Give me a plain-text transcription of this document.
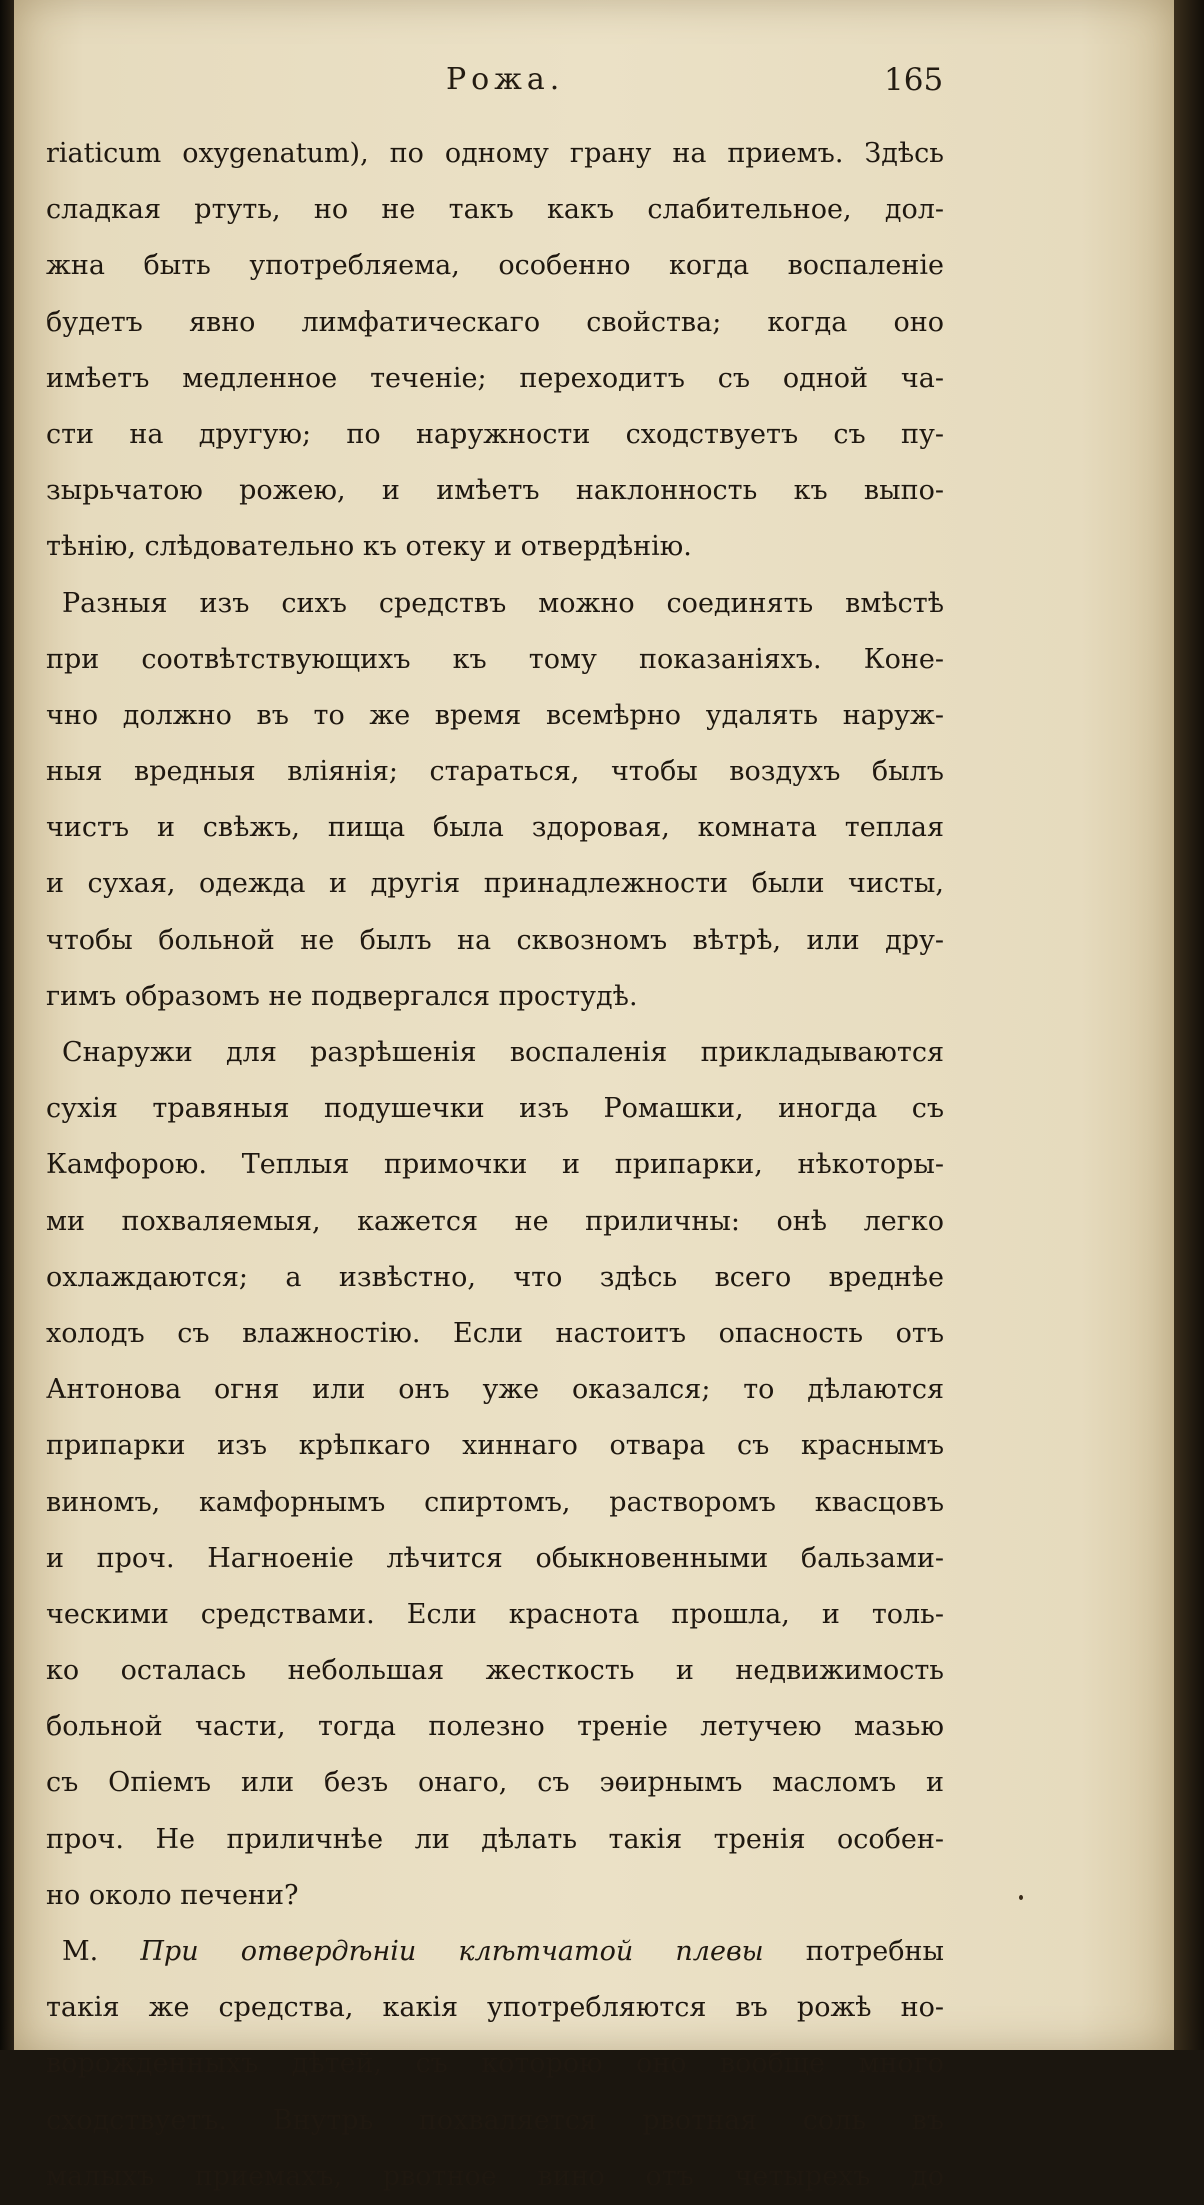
Рожа.	165
riaticum oxygenatum), по одному грану на приемъ. Здѣсь
сладкая ртуть, но не такъ какъ слабительное, дол-
жна быть употребляема, особенно когда воспаленіе
будетъ явно лимфатическаго свойства; когда оно
имѣетъ медленное теченіе; переходитъ съ одной ча-
сти на другую; по наружности сходствуетъ съ пу-
зырьчатою рожею, и имѣетъ наклонность къ выпо-
тѣнію, слѣдовательно къ отеку и отвердѣнію.
Разныя изъ сихъ средствъ можно соединять вмѣстѣ
при соотвѣтствующихъ къ тому показаніяхъ. Коне-
чно должно въ то же время всемѣрно удалять наруж-
ныя вредныя вліянія; стараться, чтобы воздухъ былъ
чистъ и свѣжъ, пища была здоровая, комната теплая
и сухая, одежда и другія принадлежности были чисты,
чтобы больной не былъ на сквозномъ вѣтрѣ, или дру-
гимъ образомъ не подвергался простудѣ.
Снаружи для разрѣшенія воспаленія прикладываются
сухія травяныя подушечки изъ Ромашки, иногда съ
Камфорою. Теплыя примочки и припарки, нѣкоторы-
ми похваляемыя, кажется не приличны: онѣ легко
охлаждаются; а извѣстно, что здѣсь всего вреднѣе
холодъ съ влажностію. Если настоитъ опасность отъ
Антонова огня или онъ уже оказался; то дѣлаются
припарки изъ крѣпкаго хиннаго отвара съ краснымъ
виномъ, камфорнымъ спиртомъ, растворомъ квасцовъ
и проч. Нагноеніе лѣчится обыкновенными бальзами-
ческими средствами. Если краснота прошла, и толь-
ко осталась небольшая жесткость и недвижимость
больной части, тогда полезно треніе летучею мазью
съ Опіемъ или безъ онаго, съ эѳирнымъ масломъ и
проч. Не приличнѣе ли дѣлать такія тренія особен-
но около печени?
М. При отвердѣніи клѣтчатой плевы потребны
такія же средства, какія употребляются въ рожѣ но-
ворожденныхъ дѣтей, съ которою оно вообще много
сходствуетъ. Внутрь похваляется рвотная соль въ
малыхъ приемахъ, рвотное вино отъ четырехъ до
